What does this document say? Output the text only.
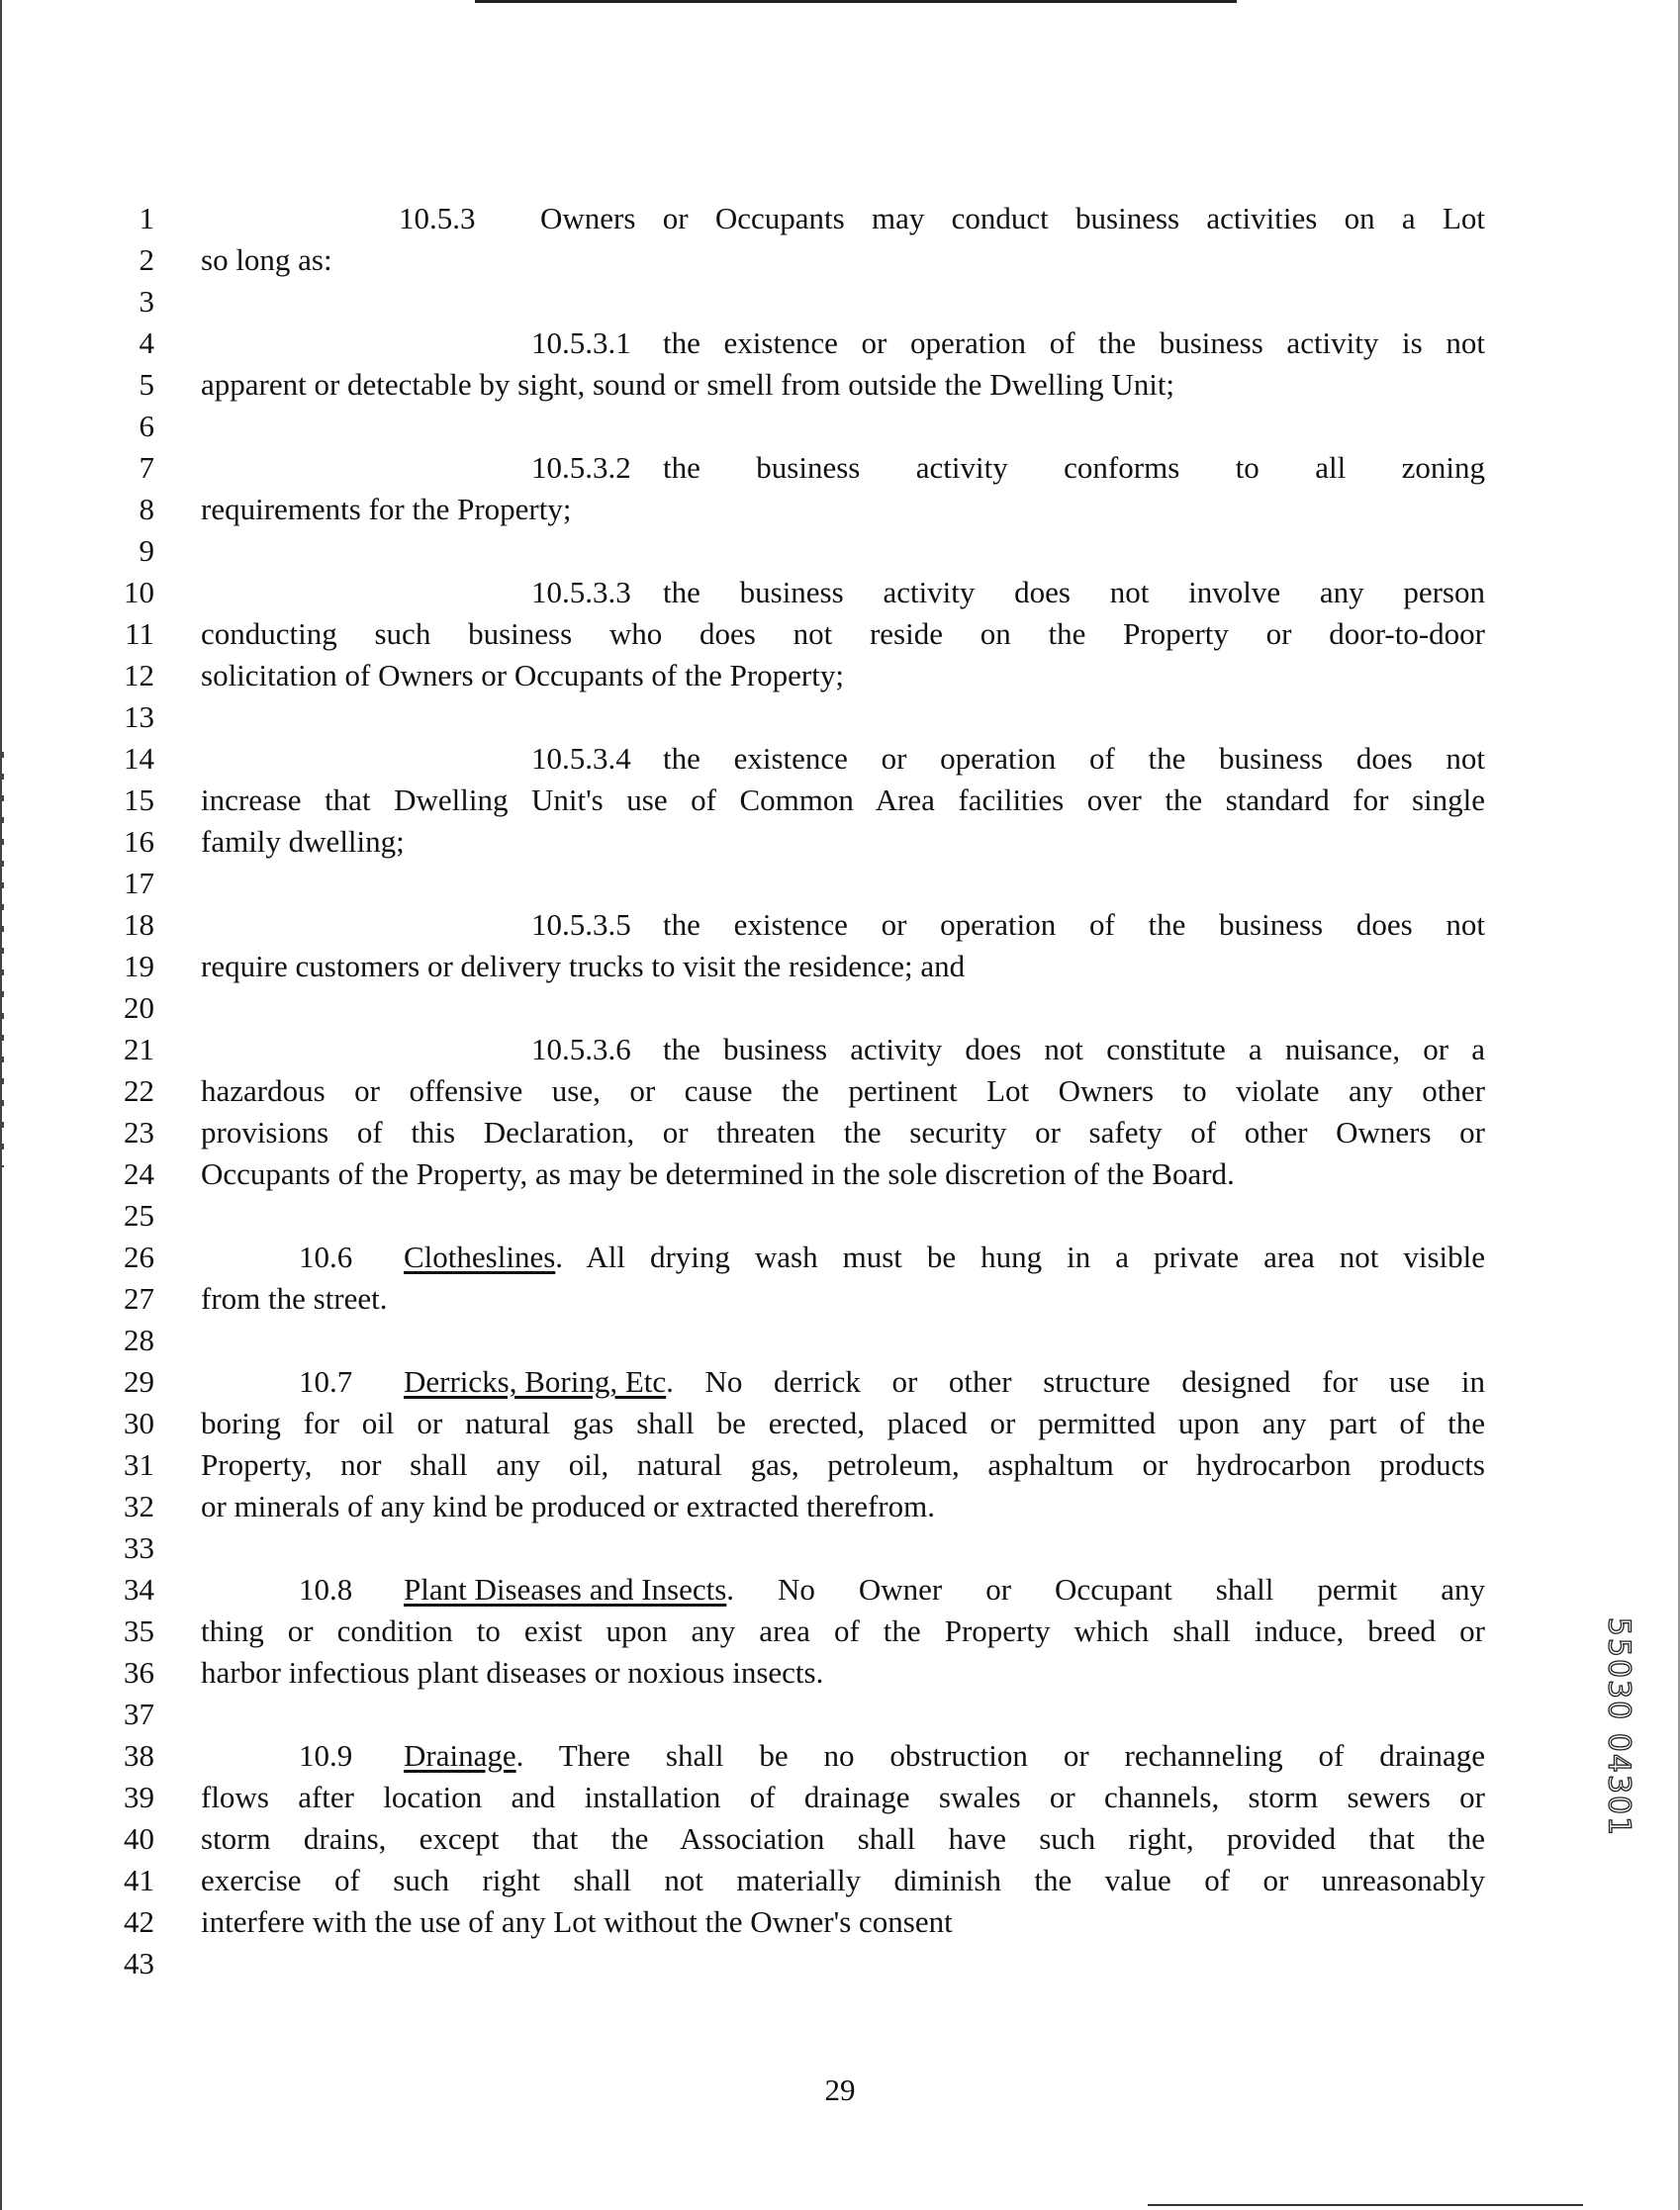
1
2
3
4
5
6
7
8
9
10
11
12
13
14
15
16
17
18
19
20
21
22
23
24
25
26
27
28
29
30
31
32
33
34
35
36
37
38
39
40
41
42
43
10.5.3	Owners or Occupants may conduct business activities on a Lot
so long as:
10.5.3.1	the existence or operation of the business activity is not
apparent or detectable by sight, sound or smell from outside the Dwelling Unit;
10.5.3.2	the business activity conforms to all zoning
requirements for the Property;
10.5.3.3	the business activity does not involve any person
conducting such business who does not reside on the Property or door-to-door
solicitation of Owners or Occupants of the Property;
10.5.3.4	the existence or operation of the business does not
increase that Dwelling Unit's use of Common Area facilities over the standard for single
family dwelling;
10.5.3.5	the existence or operation of the business does not
require customers or delivery trucks to visit the residence; and
10.5.3.6	the business activity does not constitute a nuisance, or a
hazardous or offensive use, or cause the pertinent Lot Owners to violate any other
provisions of this Declaration, or threaten the security or safety of other Owners or
Occupants of the Property, as may be determined in the sole discretion of the Board.
10.6	Clotheslines . All drying wash must be hung in a private area not visible
from the street.
10.7	Derricks, Boring, Etc . No derrick or other structure designed for use in
boring for oil or natural gas shall be erected, placed or permitted upon any part of the
Property, nor shall any oil, natural gas, petroleum, asphaltum or hydrocarbon products
or minerals of any kind be produced or extracted therefrom.
10.8	Plant Diseases and Insects . No Owner or Occupant shall permit any
thing or condition to exist upon any area of the Property which shall induce, breed or
harbor infectious plant diseases or noxious insects.
10.9	Drainage . There shall be no obstruction or rechanneling of drainage
flows after location and installation of drainage swales or channels, storm sewers or
storm drains, except that the Association shall have such right, provided that the
exercise of such right shall not materially diminish the value of or unreasonably
interfere with the use of any Lot without the Owner's consent
29
55030 04301
